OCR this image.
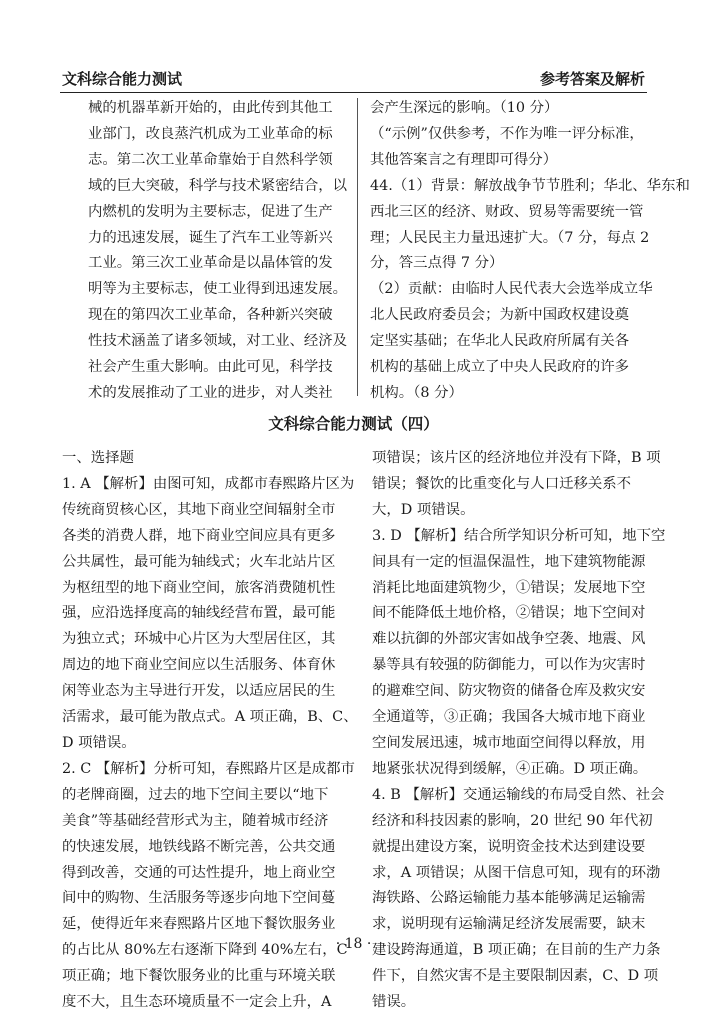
文科综合能力测试	参考答案及解析
械的机器革新开始的，由此传到其他工
业部门，改良蒸汽机成为工业革命的标
志。第二次工业革命靠始于自然科学领
域的巨大突破，科学与技术紧密结合，以
内燃机的发明为主要标志，促进了生产
力的迅速发展，诞生了汽车工业等新兴
工业。第三次工业革命是以晶体管的发
明等为主要标志，使工业得到迅速发展。
现在的第四次工业革命，各种新兴突破
性技术涵盖了诸多领域，对工业、经济及
社会产生重大影响。由此可见，科学技
术的发展推动了工业的进步，对人类社
会产生深远的影响。（10 分）
（“示例”仅供参考，不作为唯一评分标准，
其他答案言之有理即可得分）
44.（1）背景：解放战争节节胜利；华北、华东和
西北三区的经济、财政、贸易等需要统一管
理；人民民主力量迅速扩大。（7 分，每点 2
分，答三点得 7 分）
（2）贡献：由临时人民代表大会选举成立华
北人民政府委员会；为新中国政权建设奠
定坚实基础；在华北人民政府所属有关各
机构的基础上成立了中央人民政府的许多
机构。（8 分）
文科综合能力测试（四）
一、选择题
1. A 【解析】由图可知，成都市春熙路片区为
传统商贸核心区，其地下商业空间辐射全市
各类的消费人群，地下商业空间应具有更多
公共属性，最可能为轴线式；火车北站片区
为枢纽型的地下商业空间，旅客消费随机性
强，应沿选择度高的轴线经营布置，最可能
为独立式；环城中心片区为大型居住区，其
周边的地下商业空间应以生活服务、体育休
闲等业态为主导进行开发，以适应居民的生
活需求，最可能为散点式。A 项正确，B、C、
D 项错误。
2. C 【解析】分析可知，春熙路片区是成都市
的老牌商圈，过去的地下空间主要以“地下
美食”等基础经营形式为主，随着城市经济
的快速发展，地铁线路不断完善，公共交通
得到改善，交通的可达性提升，地上商业空
间中的购物、生活服务等逐步向地下空间蔓
延，使得近年来春熙路片区地下餐饮服务业
的占比从 80%左右逐渐下降到 40%左右，C
项正确；地下餐饮服务业的比重与环境关联
度不大，且生态环境质量不一定会上升，A
项错误；该片区的经济地位并没有下降，B 项
错误；餐饮的比重变化与人口迁移关系不
大，D 项错误。
3. D 【解析】结合所学知识分析可知，地下空
间具有一定的恒温保温性，地下建筑物能源
消耗比地面建筑物少，①错误；发展地下空
间不能降低土地价格，②错误；地下空间对
难以抗御的外部灾害如战争空袭、地震、风
暴等具有较强的防御能力，可以作为灾害时
的避难空间、防灾物资的储备仓库及救灾安
全通道等，③正确；我国各大城市地下商业
空间发展迅速，城市地面空间得以释放，用
地紧张状况得到缓解，④正确。D 项正确。
4. B 【解析】交通运输线的布局受自然、社会
经济和科技因素的影响，20 世纪 90 年代初
就提出建设方案，说明资金技术达到建设要
求，A 项错误；从图干信息可知，现有的环渤
海铁路、公路运输能力基本能够满足运输需
求，说明现有运输满足经济发展需要，缺末
建设跨海通道，B 项正确；在目前的生产力条
件下，自然灾害不是主要限制因素，C、D 项
错误。
· 18 ·
